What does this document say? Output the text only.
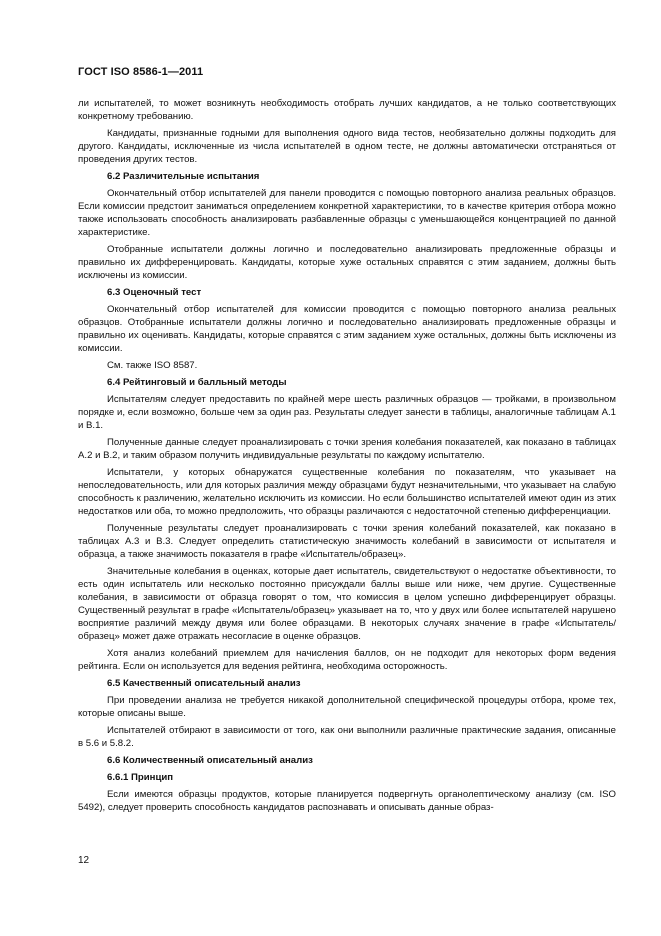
ГОСТ ISO 8586-1—2011

ли испытателей, то может возникнуть необходимость отобрать лучших кандидатов, а не только соответствующих конкретному требованию.

Кандидаты, признанные годными для выполнения одного вида тестов, необязательно должны подходить для другого. Кандидаты, исключенные из числа испытателей в одном тесте, не должны автоматически отстраняться от проведения других тестов.

6.2 Различительные испытания

Окончательный отбор испытателей для панели проводится с помощью повторного анализа реальных образцов. Если комиссии предстоит заниматься определением конкретной характеристики, то в качестве критерия отбора можно также использовать способность анализировать разбавленные образцы с уменьшающейся концентрацией по данной характеристике.

Отобранные испытатели должны логично и последовательно анализировать предложенные образцы и правильно их дифференцировать. Кандидаты, которые хуже остальных справятся с этим заданием, должны быть исключены из комиссии.

6.3 Оценочный тест

Окончательный отбор испытателей для комиссии проводится с помощью повторного анализа реальных образцов. Отобранные испытатели должны логично и последовательно анализировать предложенные образцы и правильно их оценивать. Кандидаты, которые справятся с этим заданием хуже остальных, должны быть исключены из комиссии.

См. также ISO 8587.

6.4 Рейтинговый и балльный методы

Испытателям следует предоставить по крайней мере шесть различных образцов — тройками, в произвольном порядке и, если возможно, больше чем за один раз. Результаты следует занести в таблицы, аналогичные таблицам А.1 и В.1.

Полученные данные следует проанализировать с точки зрения колебания показателей, как показано в таблицах А.2 и В.2, и таким образом получить индивидуальные результаты по каждому испытателю.

Испытатели, у которых обнаружатся существенные колебания по показателям, что указывает на непоследовательность, или для которых различия между образцами будут незначительными, что указывает на слабую способность к различению, желательно исключить из комиссии. Но если большинство испытателей имеют один из этих недостатков или оба, то можно предположить, что образцы различаются с недостаточной степенью дифференциации.

Полученные результаты следует проанализировать с точки зрения колебаний показателей, как показано в таблицах А.3 и В.3. Следует определить статистическую значимость колебаний в зависимости от испытателя и образца, а также значимость показателя в графе «Испытатель/образец».

Значительные колебания в оценках, которые дает испытатель, свидетельствуют о недостатке объективности, то есть один испытатель или несколько постоянно присуждали баллы выше или ниже, чем другие. Существенные колебания, в зависимости от образца говорят о том, что комиссия в целом успешно дифференцирует образцы. Существенный результат в графе «Испытатель/образец» указывает на то, что у двух или более испытателей нарушено восприятие различий между двумя или более образцами. В некоторых случаях значение в графе «Испытатель/образец» может даже отражать несогласие в оценке образцов.

Хотя анализ колебаний приемлем для начисления баллов, он не подходит для некоторых форм ведения рейтинга. Если он используется для ведения рейтинга, необходима осторожность.

6.5 Качественный описательный анализ

При проведении анализа не требуется никакой дополнительной специфической процедуры отбора, кроме тех, которые описаны выше.

Испытателей отбирают в зависимости от того, как они выполнили различные практические задания, описанные в 5.6 и 5.8.2.

6.6 Количественный описательный анализ
6.6.1 Принцип

Если имеются образцы продуктов, которые планируется подвергнуть органолептическому анализу (см. ISO 5492), следует проверить способность кандидатов распознавать и описывать данные образ-

12
